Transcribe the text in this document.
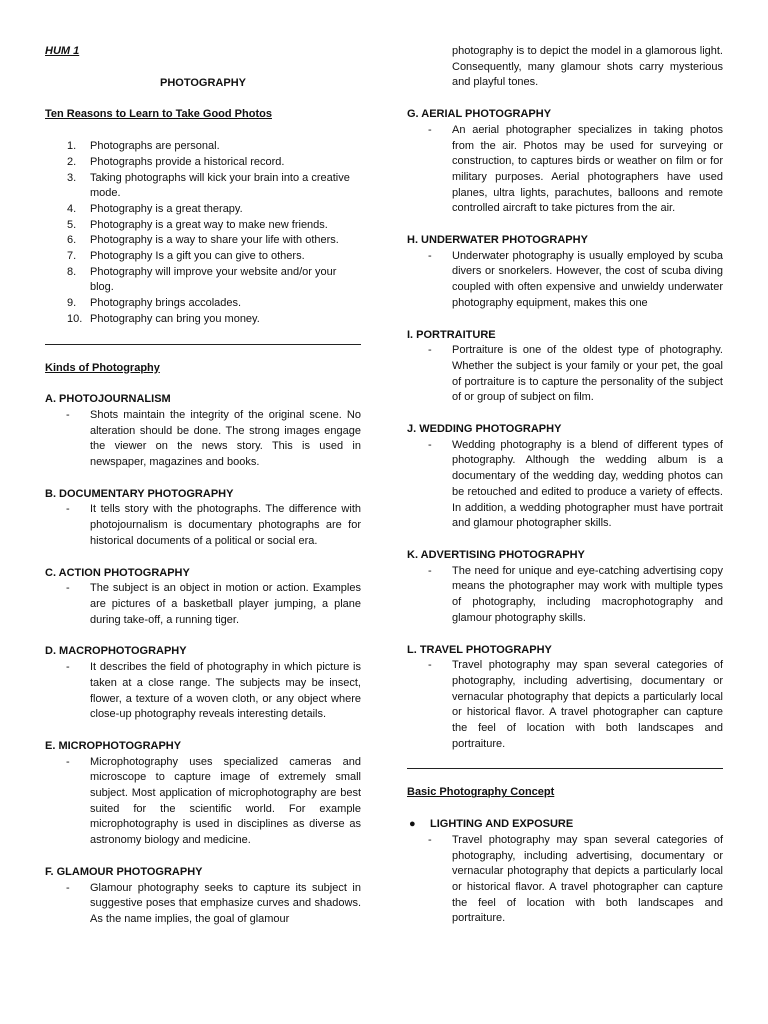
HUM 1
PHOTOGRAPHY
Ten Reasons to Learn to Take Good Photos
1. Photographs are personal.
2. Photographs provide a historical record.
3. Taking photographs will kick your brain into a creative mode.
4. Photography is a great therapy.
5. Photography is a great way to make new friends.
6. Photography is a way to share your life with others.
7. Photography Is a gift you can give to others.
8. Photography will improve your website and/or your blog.
9. Photography brings accolades.
10. Photography can bring you money.
Kinds of Photography
A. PHOTOJOURNALISM
- Shots maintain the integrity of the original scene. No alteration should be done. The strong images engage the viewer on the news story. This is used in newspaper, magazines and books.
B. DOCUMENTARY PHOTOGRAPHY
- It tells story with the photographs. The difference with photojournalism is documentary photographs are for historical documents of a political or social era.
C. ACTION PHOTOGRAPHY
- The subject is an object in motion or action. Examples are pictures of a basketball player jumping, a plane during take-off, a running tiger.
D. MACROPHOTOGRAPHY
- It describes the field of photography in which picture is taken at a close range. The subjects may be insect, flower, a texture of a woven cloth, or any object where close-up photography reveals interesting details.
E. MICROPHOTOGRAPHY
- Microphotography uses specialized cameras and microscope to capture image of extremely small subject. Most application of microphotography are best suited for the scientific world. For example microphotography is used in disciplines as diverse as astronomy biology and medicine.
F. GLAMOUR PHOTOGRAPHY
- Glamour photography seeks to capture its subject in suggestive poses that emphasize curves and shadows. As the name implies, the goal of glamour
photography is to depict the model in a glamorous light. Consequently, many glamour shots carry mysterious and playful tones.
G. AERIAL PHOTOGRAPHY
- An aerial photographer specializes in taking photos from the air. Photos may be used for surveying or construction, to captures birds or weather on film or for military purposes. Aerial photographers have used planes, ultra lights, parachutes, balloons and remote controlled aircraft to take pictures from the air.
H. UNDERWATER PHOTOGRAPHY
- Underwater photography is usually employed by scuba divers or snorkelers. However, the cost of scuba diving coupled with often expensive and unwieldy underwater photography equipment, makes this one
I. PORTRAITURE
- Portraiture is one of the oldest type of photography. Whether the subject is your family or your pet, the goal of portraiture is to capture the personality of the subject of or group of subject on film.
J. WEDDING PHOTOGRAPHY
- Wedding photography is a blend of different types of photography. Although the wedding album is a documentary of the wedding day, wedding photos can be retouched and edited to produce a variety of effects. In addition, a wedding photographer must have portrait and glamour photographer skills.
K. ADVERTISING PHOTOGRAPHY
- The need for unique and eye-catching advertising copy means the photographer may work with multiple types of photography, including macrophotography and glamour photography skills.
L. TRAVEL PHOTOGRAPHY
- Travel photography may span several categories of photography, including advertising, documentary or vernacular photography that depicts a particularly local or historical flavor. A travel photographer can capture the feel of location with both landscapes and portraiture.
Basic Photography Concept
● LIGHTING AND EXPOSURE
- Travel photography may span several categories of photography, including advertising, documentary or vernacular photography that depicts a particularly local or historical flavor. A travel photographer can capture the feel of location with both landscapes and portraiture.
